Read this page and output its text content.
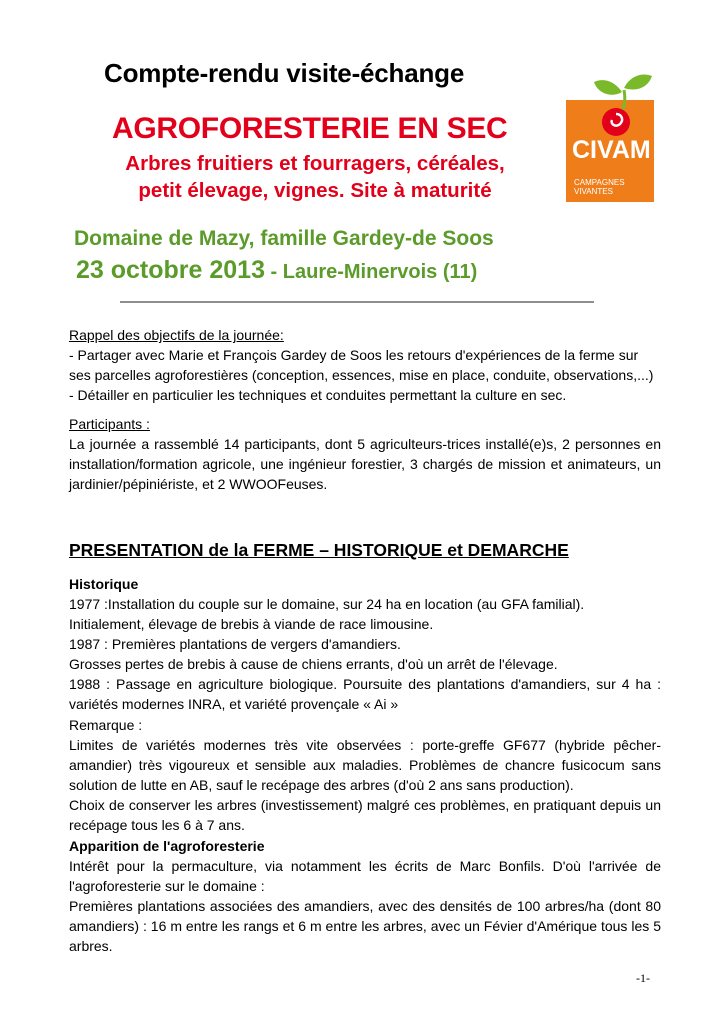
Compte-rendu visite-échange
AGROFORESTERIE EN SEC
Arbres fruitiers et fourragers, céréales,
petit élevage, vignes. Site à maturité
Domaine de Mazy, famille Gardey-de Soos
23 octobre 2013 - Laure-Minervois (11)
CIVAM
CAMPAGNES
VIVANTES
Rappel des objectifs de la journée:
- Partager avec Marie et François Gardey de Soos les retours d'expériences de la ferme sur
ses parcelles agroforestières (conception, essences, mise en place, conduite, observations,...)
- Détailler en particulier les techniques et conduites permettant la culture en sec.
Participants :
La journée a rassemblé 14 participants, dont 5 agriculteurs-trices installé(e)s, 2 personnes en installation/formation agricole, une ingénieur forestier, 3 chargés de mission et animateurs, un jardinier/pépiniériste, et 2 WWOOFeuses.
PRESENTATION de la FERME – HISTORIQUE et DEMARCHE
Historique
1977 :Installation du couple sur le domaine, sur 24 ha en location (au GFA familial).
Initialement, élevage de brebis à viande de race limousine.
1987 : Premières plantations de vergers d'amandiers.
Grosses pertes de brebis à cause de chiens errants, d'où un arrêt de l'élevage.
1988 : Passage en agriculture biologique. Poursuite des plantations d'amandiers, sur 4 ha : variétés modernes INRA, et variété provençale « Ai »
Remarque :
Limites de variétés modernes très vite observées : porte-greffe GF677 (hybride pêcher-amandier) très vigoureux et sensible aux maladies. Problèmes de chancre fusicocum sans solution de lutte en AB, sauf le recépage des arbres (d'où 2 ans sans production).
Choix de conserver les arbres (investissement) malgré ces problèmes, en pratiquant depuis un recépage tous les 6 à 7 ans.
Apparition de l'agroforesterie
Intérêt pour la permaculture, via notamment les écrits de Marc Bonfils. D'où l'arrivée de l'agroforesterie sur le domaine :
Premières plantations associées des amandiers, avec des densités de 100 arbres/ha (dont 80 amandiers) : 16 m entre les rangs et 6 m entre les arbres, avec un Févier d'Amérique tous les 5 arbres.
-1-
